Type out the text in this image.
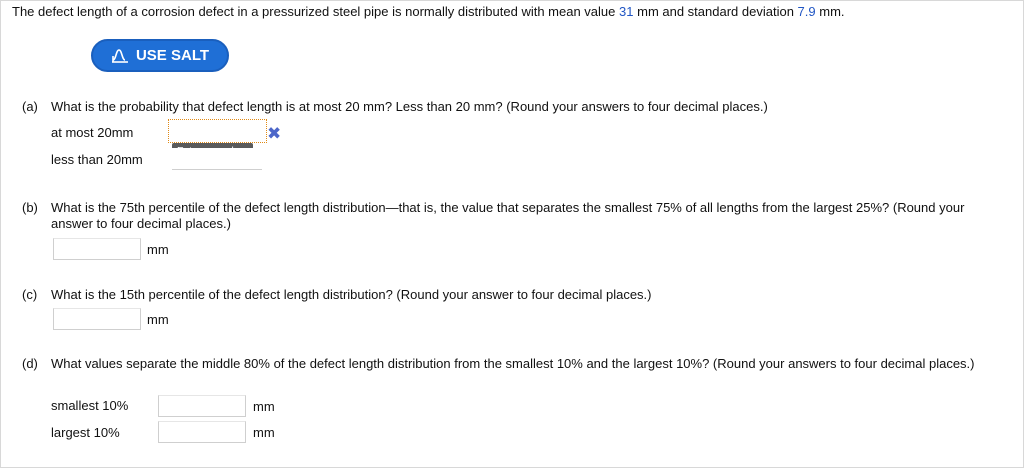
The defect length of a corrosion defect in a pressurized steel pipe is normally distributed with mean value 31 mm and standard deviation 7.9 mm.
USE SALT
(a) What is the probability that defect length is at most 20 mm? Less than 20 mm? (Round your answers to four decimal places.)
at most 20mm	✖
less than 20mm
(b) What is the 75th percentile of the defect length distribution—that is, the value that separates the smallest 75% of all lengths from the largest 25%? (Round your answer to four decimal places.)
mm
(c) What is the 15th percentile of the defect length distribution? (Round your answer to four decimal places.)
mm
(d) What values separate the middle 80% of the defect length distribution from the smallest 10% and the largest 10%? (Round your answers to four decimal places.)
smallest 10%	mm
largest 10%	mm
